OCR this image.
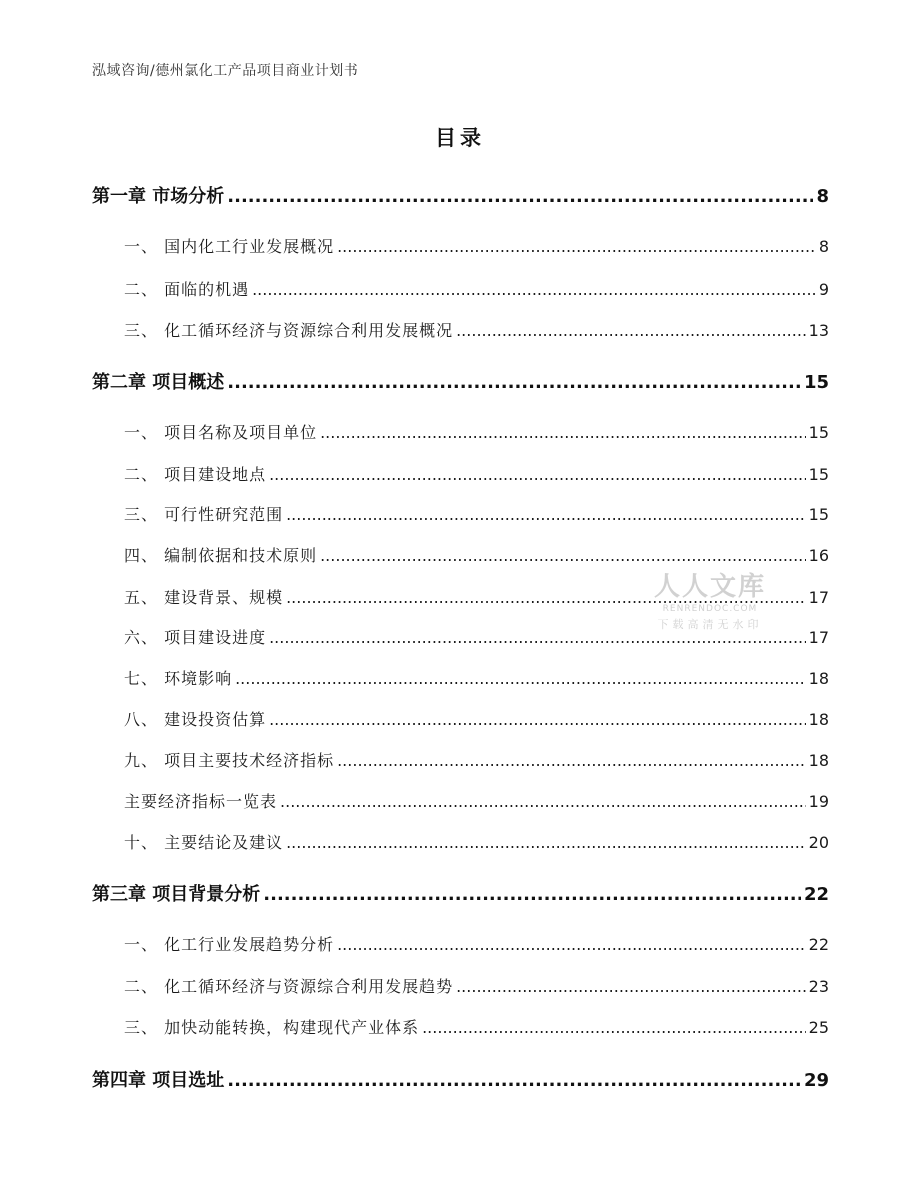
泓域咨询/德州氯化工产品项目商业计划书
目录
第一章 市场分析 .....	8
一、 国内化工行业发展概况 .....	8
二、 面临的机遇 .....	9
三、 化工循环经济与资源综合利用发展概况 .....	13
第二章 项目概述 .....	15
一、 项目名称及项目单位 .....	15
二、 项目建设地点 .....	15
三、 可行性研究范围 .....	15
四、 编制依据和技术原则 .....	16
五、 建设背景、规模 .....	17
六、 项目建设进度 .....	17
七、 环境影响 .....	18
八、 建设投资估算 .....	18
九、 项目主要技术经济指标 .....	18
主要经济指标一览表 .....	19
十、 主要结论及建议 .....	20
第三章 项目背景分析 .....	22
一、 化工行业发展趋势分析 .....	22
二、 化工循环经济与资源综合利用发展趋势 .....	23
三、 加快动能转换，构建现代产业体系 .....	25
第四章 项目选址 .....	29
人人文库
RENRENDOC.COM
下载高清无水印
